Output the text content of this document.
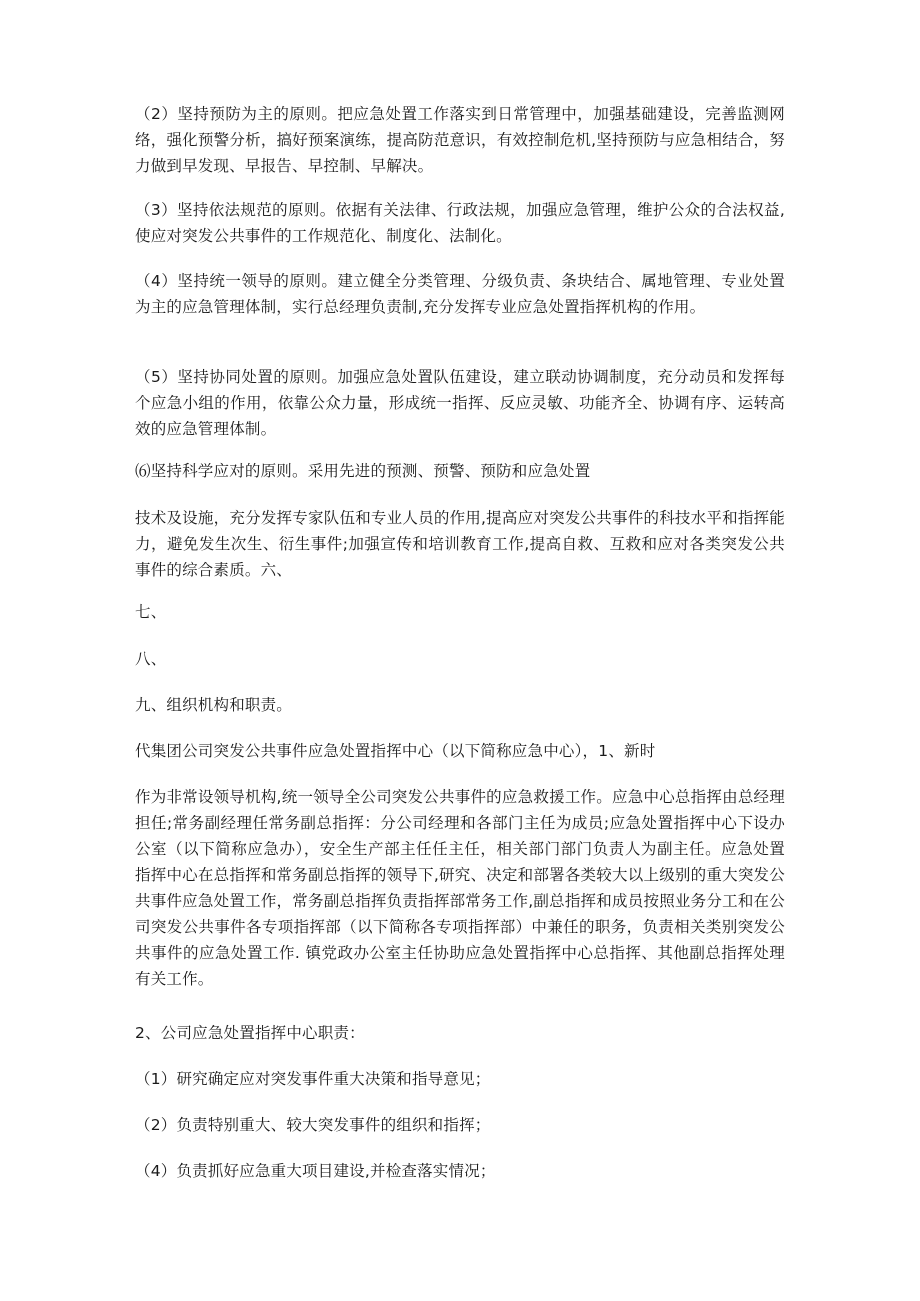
（2）坚持预防为主的原则。把应急处置工作落实到日常管理中，加强基础建设，完善监测网络，强化预警分析，搞好预案演练，提高防范意识，有效控制危机,坚持预防与应急相结合，努力做到早发现、早报告、早控制、早解决。

（3）坚持依法规范的原则。依据有关法律、行政法规，加强应急管理，维护公众的合法权益,使应对突发公共事件的工作规范化、制度化、法制化。

（4）坚持统一领导的原则。建立健全分类管理、分级负责、条块结合、属地管理、专业处置为主的应急管理体制，实行总经理负责制,充分发挥专业应急处置指挥机构的作用。

（5）坚持协同处置的原则。加强应急处置队伍建设，建立联动协调制度，充分动员和发挥每个应急小组的作用，依靠公众力量，形成统一指挥、反应灵敏、功能齐全、协调有序、运转高效的应急管理体制。

⑹坚持科学应对的原则。采用先进的预测、预警、预防和应急处置

技术及设施，充分发挥专家队伍和专业人员的作用,提高应对突发公共事件的科技水平和指挥能力，避免发生次生、衍生事件;加强宣传和培训教育工作,提高自救、互救和应对各类突发公共事件的综合素质。六、

七、

八、

九、组织机构和职责。

代集团公司突发公共事件应急处置指挥中心（以下简称应急中心），1、新时

作为非常设领导机构,统一领导全公司突发公共事件的应急救援工作。应急中心总指挥由总经理担任;常务副经理任常务副总指挥：分公司经理和各部门主任为成员;应急处置指挥中心下设办公室（以下简称应急办），安全生产部主任任主任，相关部门部门负责人为副主任。应急处置指挥中心在总指挥和常务副总指挥的领导下,研究、决定和部署各类较大以上级别的重大突发公共事件应急处置工作，常务副总指挥负责指挥部常务工作,副总指挥和成员按照业务分工和在公司突发公共事件各专项指挥部（以下简称各专项指挥部）中兼任的职务，负责相关类别突发公共事件的应急处置工作. 镇党政办公室主任协助应急处置指挥中心总指挥、其他副总指挥处理有关工作。

2、公司应急处置指挥中心职责：

（1）研究确定应对突发事件重大决策和指导意见；

（2）负责特别重大、较大突发事件的组织和指挥；

（4）负责抓好应急重大项目建设,并检查落实情况；
